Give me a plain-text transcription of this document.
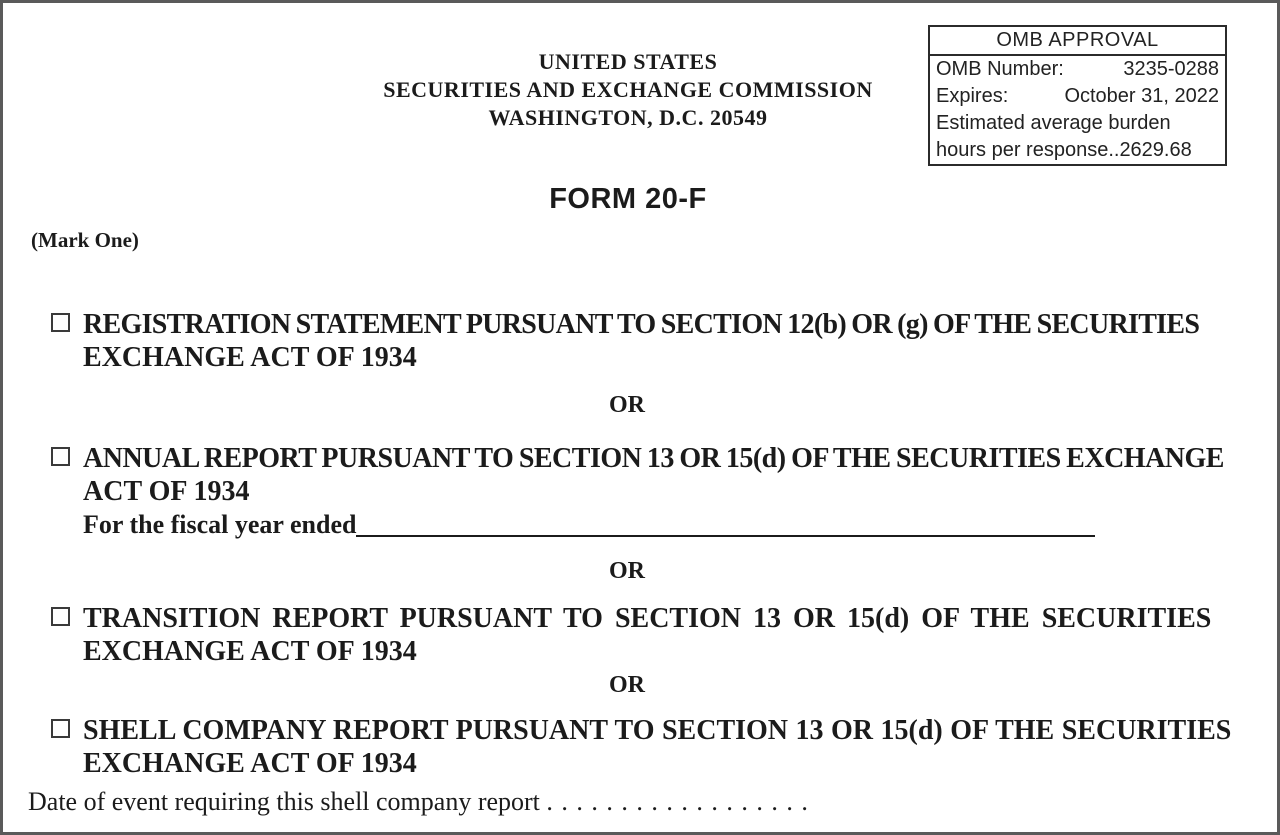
OMB APPROVAL
OMB Number:	3235-0288
Expires:	October 31, 2022
Estimated average burden
hours per response..2629.68
UNITED STATES
SECURITIES AND EXCHANGE COMMISSION
WASHINGTON, D.C. 20549
FORM 20-F
(Mark One)
REGISTRATION STATEMENT PURSUANT TO SECTION 12(b) OR (g) OF THE SECURITIES
EXCHANGE ACT OF 1934
OR
ANNUAL REPORT PURSUANT TO SECTION 13 OR 15(d) OF THE SECURITIES EXCHANGE
ACT OF 1934
For the fiscal year ended
OR
TRANSITION REPORT PURSUANT TO SECTION 13 OR 15(d) OF THE SECURITIES
EXCHANGE ACT OF 1934
OR
SHELL COMPANY REPORT PURSUANT TO SECTION 13 OR 15(d) OF THE SECURITIES
EXCHANGE ACT OF 1934
Date of event requiring this shell company report . . . . . . . . . . . . . . . . . .
